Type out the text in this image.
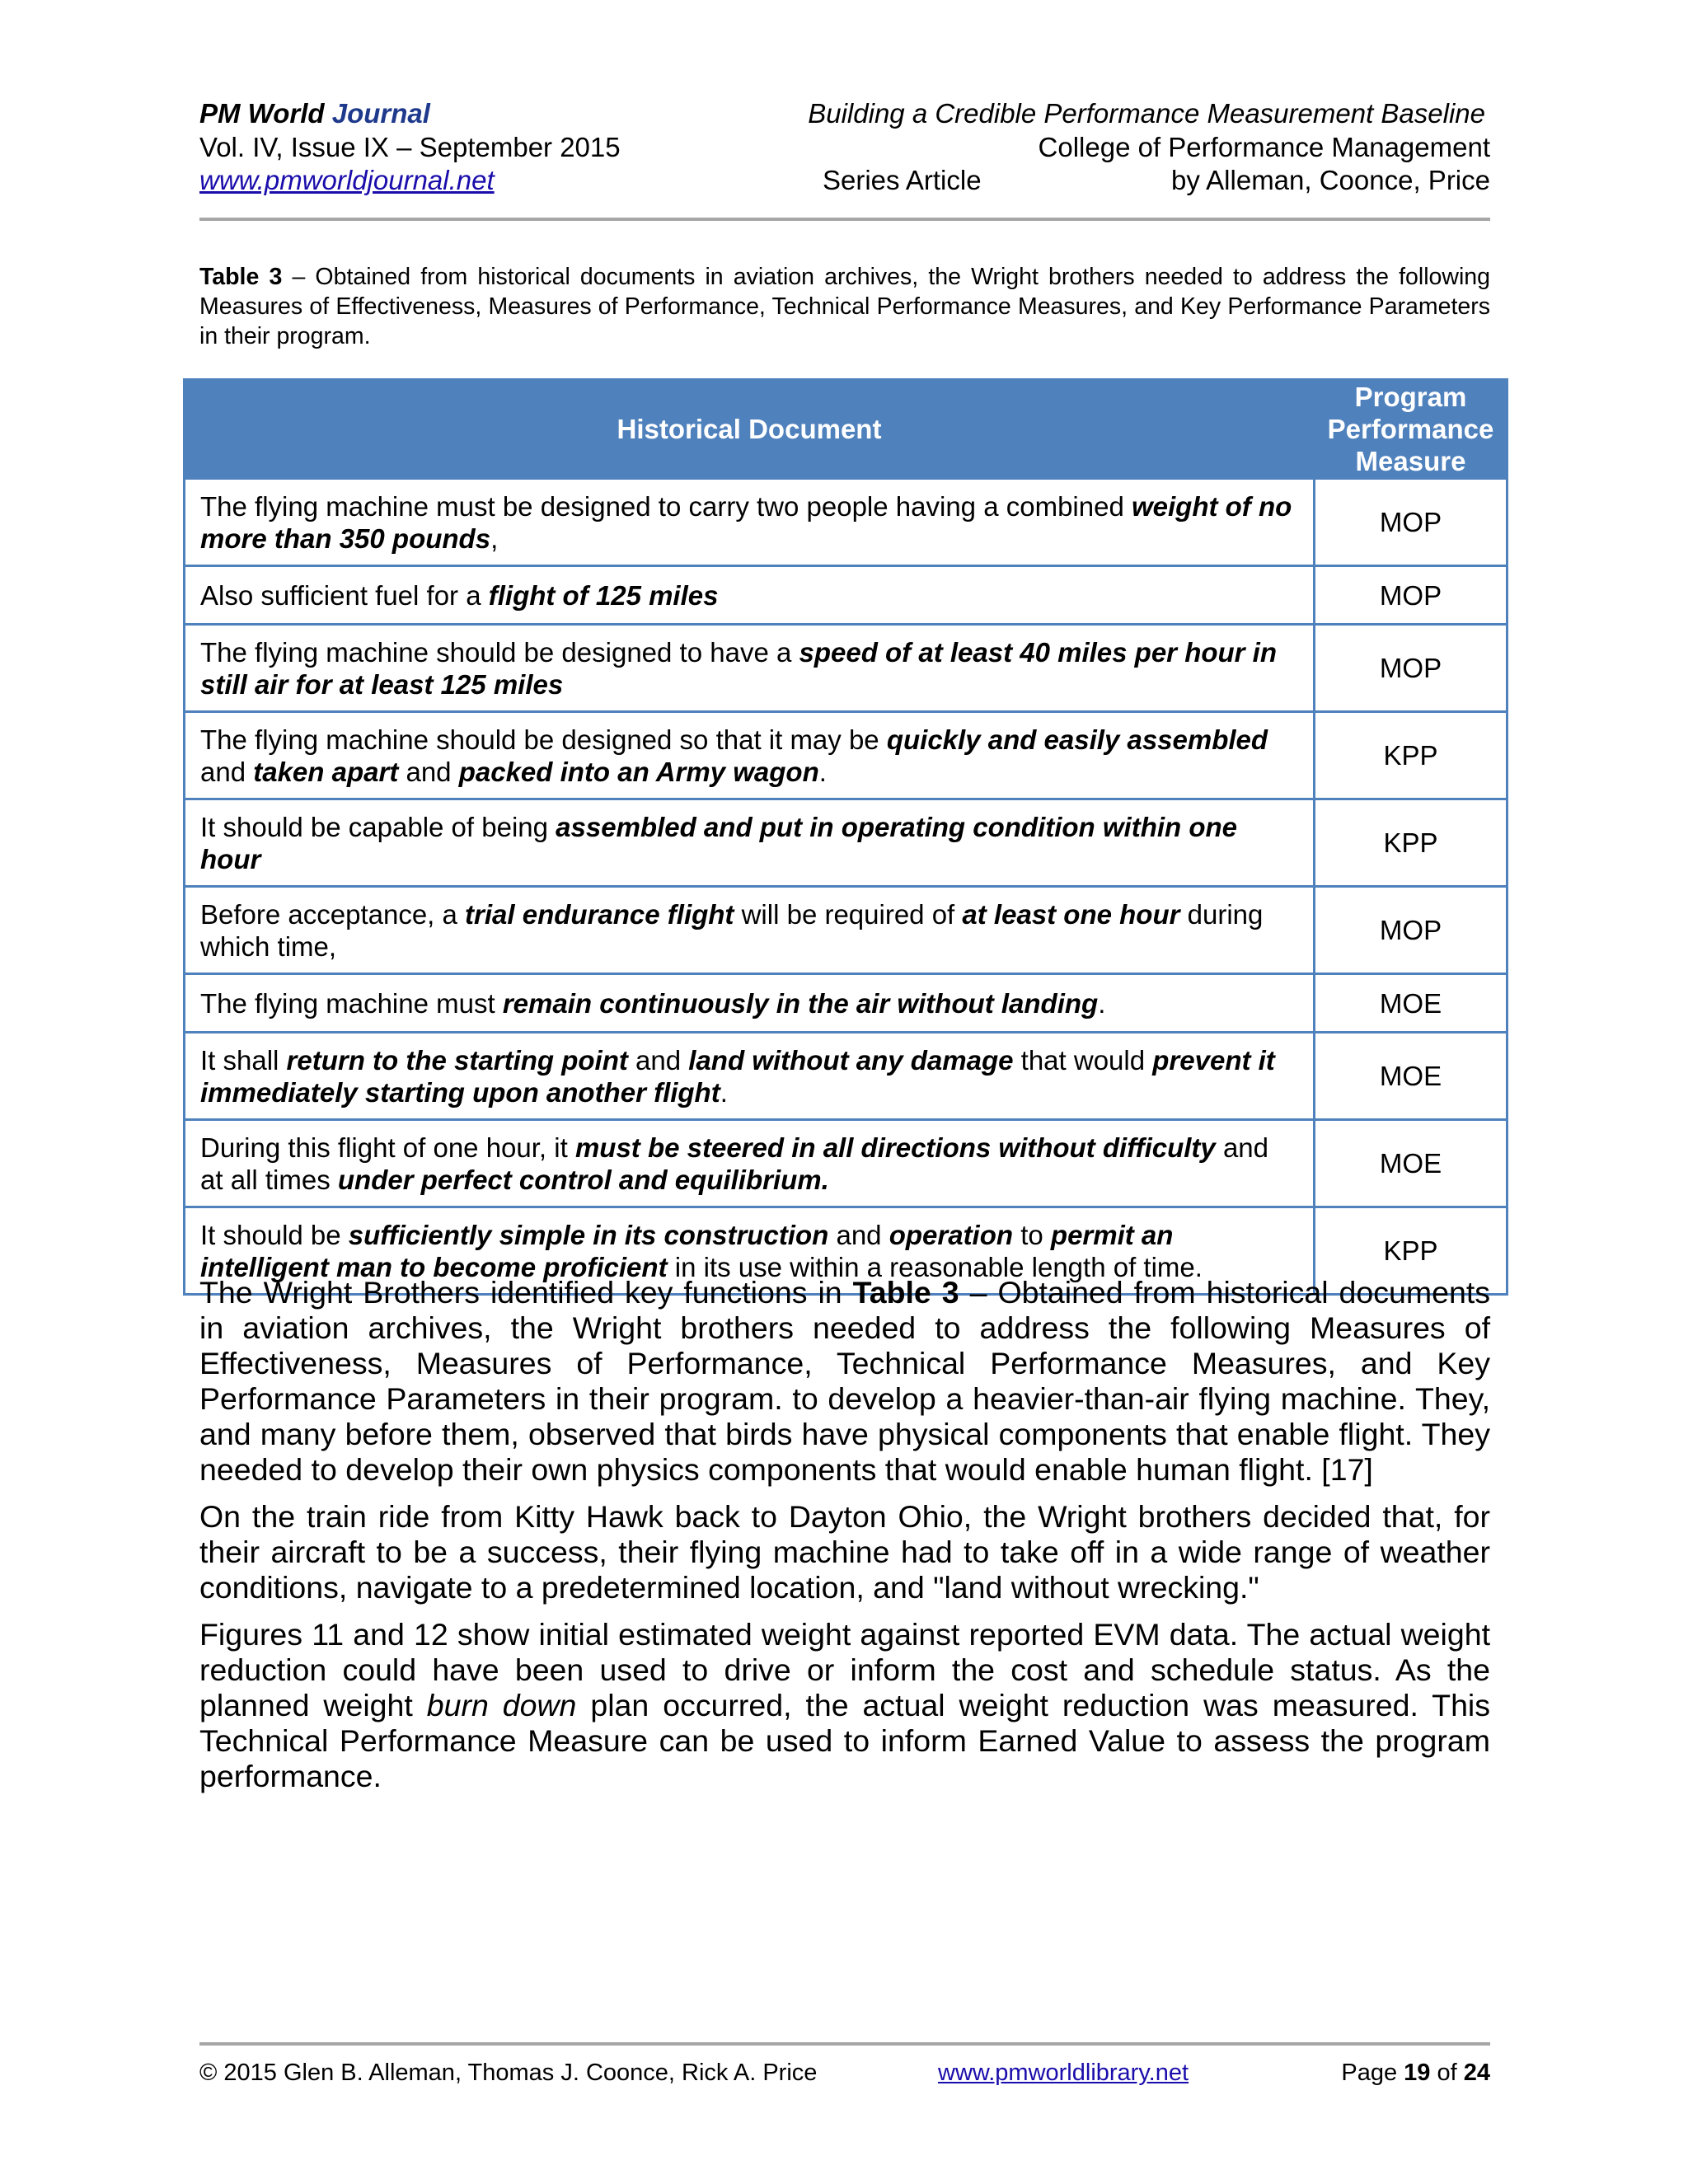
PM World Journal
Vol. IV, Issue IX – September 2015
www.pmworldjournal.net
Building a Credible Performance Measurement Baseline
College of Performance Management
Series Article	by Alleman, Coonce, Price
Table 3 – Obtained from historical documents in aviation archives, the Wright brothers needed to address the following Measures of Effectiveness, Measures of Performance, Technical Performance Measures, and Key Performance Parameters in their program.
Historical Document	Program
Performance
Measure
The flying machine must be designed to carry two people having a combined weight of no more than 350 pounds,	MOP
Also sufficient fuel for a flight of 125 miles	MOP
The flying machine should be designed to have a speed of at least 40 miles per hour in still air for at least 125 miles	MOP
The flying machine should be designed so that it may be quickly and easily assembled and taken apart and packed into an Army wagon.	KPP
It should be capable of being assembled and put in operating condition within one hour	KPP
Before acceptance, a trial endurance flight will be required of at least one hour during which time,	MOP
The flying machine must remain continuously in the air without landing.	MOE
It shall return to the starting point and land without any damage that would prevent it immediately starting upon another flight.	MOE
During this flight of one hour, it must be steered in all directions without difficulty and at all times under perfect control and equilibrium.	MOE
It should be sufficiently simple in its construction and operation to permit an intelligent man to become proficient in its use within a reasonable length of time.	KPP

The Wright Brothers identified key functions in Table 3 – Obtained from historical documents in aviation archives, the Wright brothers needed to address the following Measures of Effectiveness, Measures of Performance, Technical Performance Measures, and Key Performance Parameters in their program. to develop a heavier-than-air flying machine. They, and many before them, observed that birds have physical components that enable flight. They needed to develop their own physics components that would enable human flight. [17]

On the train ride from Kitty Hawk back to Dayton Ohio, the Wright brothers decided that, for their aircraft to be a success, their flying machine had to take off in a wide range of weather conditions, navigate to a predetermined location, and "land without wrecking."

Figures 11 and 12 show initial estimated weight against reported EVM data. The actual weight reduction could have been used to drive or inform the cost and schedule status. As the planned weight burn down plan occurred, the actual weight reduction was measured. This Technical Performance Measure can be used to inform Earned Value to assess the program performance.

© 2015 Glen B. Alleman, Thomas J. Coonce, Rick A. Price	www.pmworldlibrary.net	Page 19 of 24
